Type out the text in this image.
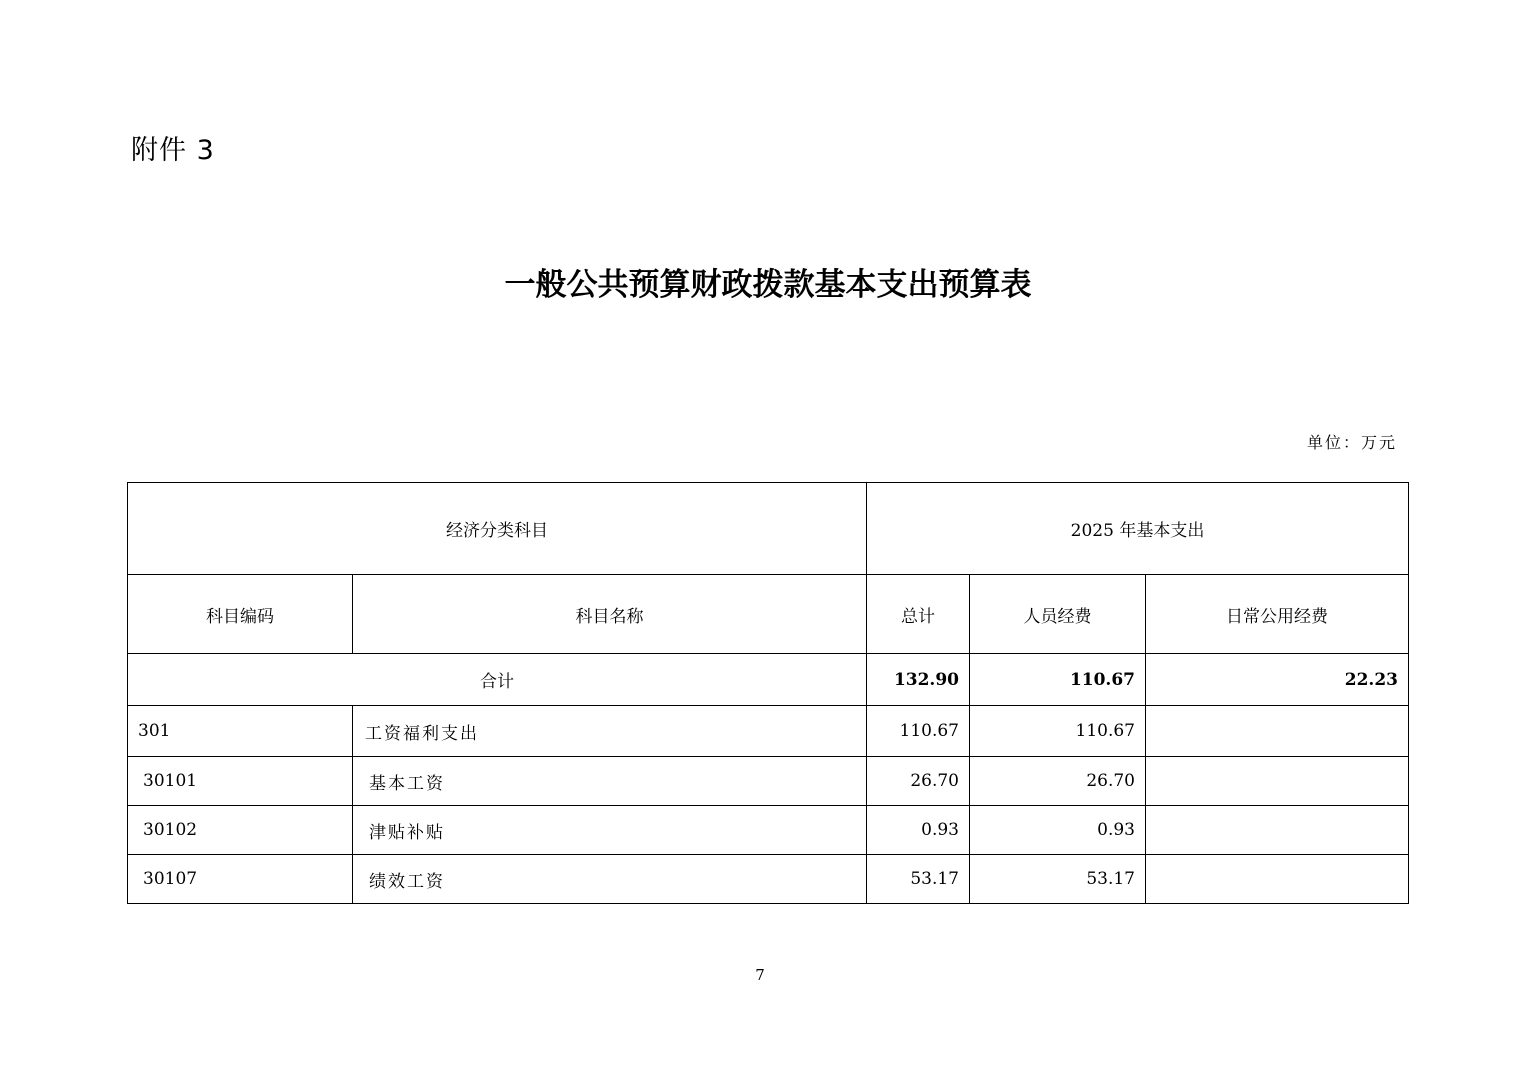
附件 3
一般公共预算财政拨款基本支出预算表
单位：万元
经济分类科目		2025 年基本支出		
科目编码	科目名称	总计	人员经费	日常公用经费
合计		132.90	110.67	22.23
301	工资福利支出	110.67	110.67	
30101	基本工资	26.70	26.70	
30102	津贴补贴	0.93	0.93	
30107	绩效工资	53.17	53.17	
7
